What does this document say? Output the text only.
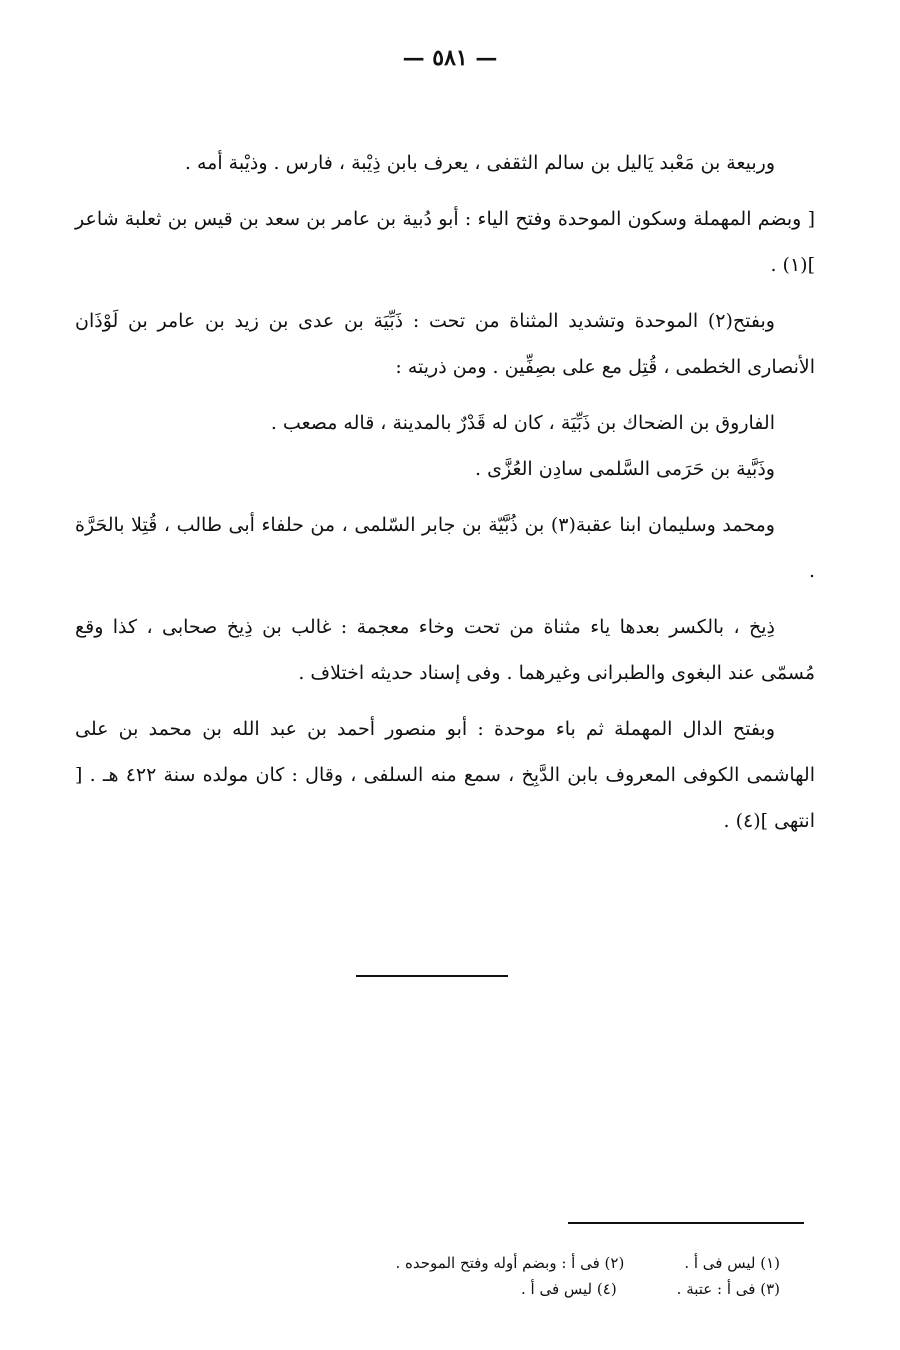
— ٥٨١ —

وربيعة بن مَعْبد يَاليل بن سالم الثقفى ، يعرف بابن ذِيْبة ، فارس . وذيْبة أمه .

[ وبضم المهملة وسكون الموحدة وفتح الياء : أبو دُبية بن عامر بن سعد بن قيس بن ثعلبة شاعر ](١) .

وبفتح(٢) الموحدة وتشديد المثناة من تحت : ذَبِّيَة بن عدى بن زيد بن عامر بن لَوْذَان الأنصارى الخطمى ، قُتِل مع على بصِفِّين . ومن ذريته :

الفاروق بن الضحاك بن ذَبِّيَة ، كان له قَدْرٌ بالمدينة ، قاله مصعب .

وذَبَّية بن حَرَمى السَّلمى سادِن العُزَّى .

ومحمد وسليمان ابنا عقبة(٣) بن ذُبَّيّة بن جابر السّلمى ، من حلفاء أبى طالب ، قُتِلا بالحَرَّة .

ذِيخ ، بالكسر بعدها ياء مثناة من تحت وخاء معجمة : غالب بن ذِيخ صحابى ، كذا وقع مُسمّى عند البغوى والطبرانى وغيرهما . وفى إسناد حديثه اختلاف .

وبفتح الدال المهملة ثم باء موحدة : أبو منصور أحمد بن عبد الله بن محمد بن على الهاشمى الكوفى المعروف بابن الدَّبِخ ، سمع منه السلفى ، وقال : كان مولده سنة ٤٢٢ هـ . [ انتهى ](٤) .

(١) ليس فى أ .
(٢) فى أ : وبضم أوله وفتح الموحده .
(٣) فى أ : عتبة .
(٤) ليس فى أ .
